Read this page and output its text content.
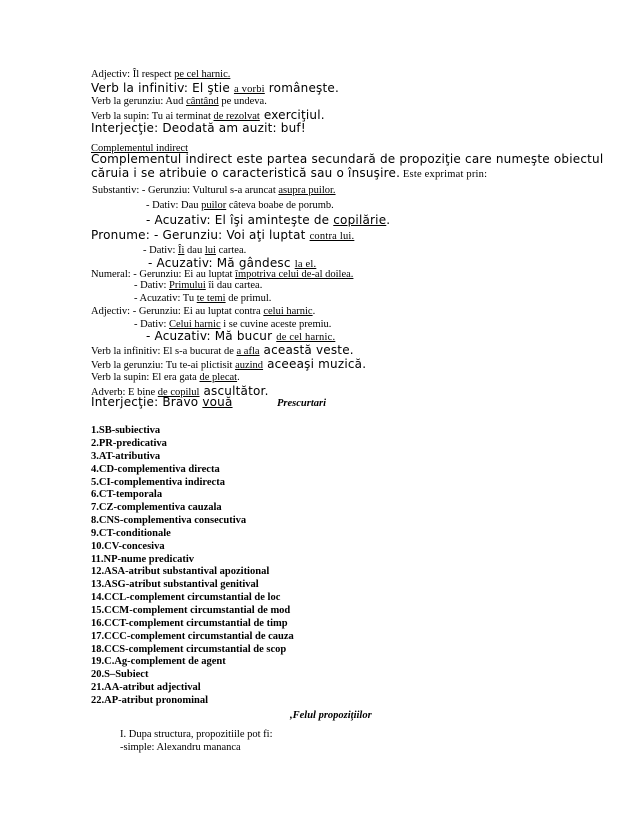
Adjectiv: Îl respect pe cel harnic.
Verb la infinitiv: El ştie a vorbi româneşte.
Verb la gerunziu: Aud cântând pe undeva.
Verb la supin: Tu ai terminat de rezolvat exerciţiul.
Interjecţie: Deodată am auzit: buf!
Complementul indirect
Complementul indirect este partea secundară de propoziţie care numeşte obiectul
căruia i se atribuie o caracteristică sau o însuşire. Este exprimat prin:
Substantiv: - Gerunziu: Vulturul s-a aruncat asupra puilor.
- Dativ: Dau puilor câteva boabe de porumb.
- Acuzativ: El îşi aminteşte de copilărie.
Pronume: - Gerunziu: Voi aţi luptat contra lui.
- Dativ: Îi dau lui cartea.
- Acuzativ: Mă gândesc la el.
Numeral: - Gerunziu: Ei au luptat împotriva celui de-al doilea.
- Dativ: Primului îi dau cartea.
- Acuzativ: Tu te temi de primul.
Adjectiv: - Gerunziu: Ei au luptat contra celui harnic.
- Dativ: Celui harnic i se cuvine aceste premiu.
- Acuzativ: Mă bucur de cel harnic.
Verb la infinitiv: El s-a bucurat de a afla această veste.
Verb la gerunziu: Tu te-ai plictisit auzind aceeaşi muzică.
Verb la supin: El era gata de plecat.
Adverb: E bine de copilul ascultător.
Interjecţie: Bravo vouă	Prescurtari
1.SB-subiectiva
2.PR-predicativa
3.AT-atributiva
4.CD-complementiva directa
5.CI-complementiva indirecta
6.CT-temporala
7.CZ-complementiva cauzala
8.CNS-complementiva consecutiva
9.CT-conditionale
10.CV-concesiva
11.NP-nume predicativ
12.ASA-atribut substantival apozitional
13.ASG-atribut substantival genitival
14.CCL-complement circumstantial de loc
15.CCM-complement circumstantial de mod
16.CCT-complement circumstantial de timp
17.CCC-complement circumstantial de cauza
18.CCS-complement circumstantial de scop
19.C.Ag-complement de agent
20.S–Subiect
21.AA-atribut adjectival
22.AP-atribut pronominal
,Felul propoziţiilor
I. Dupa structura, propozitiile pot fi:
-simple: Alexandru mananca
